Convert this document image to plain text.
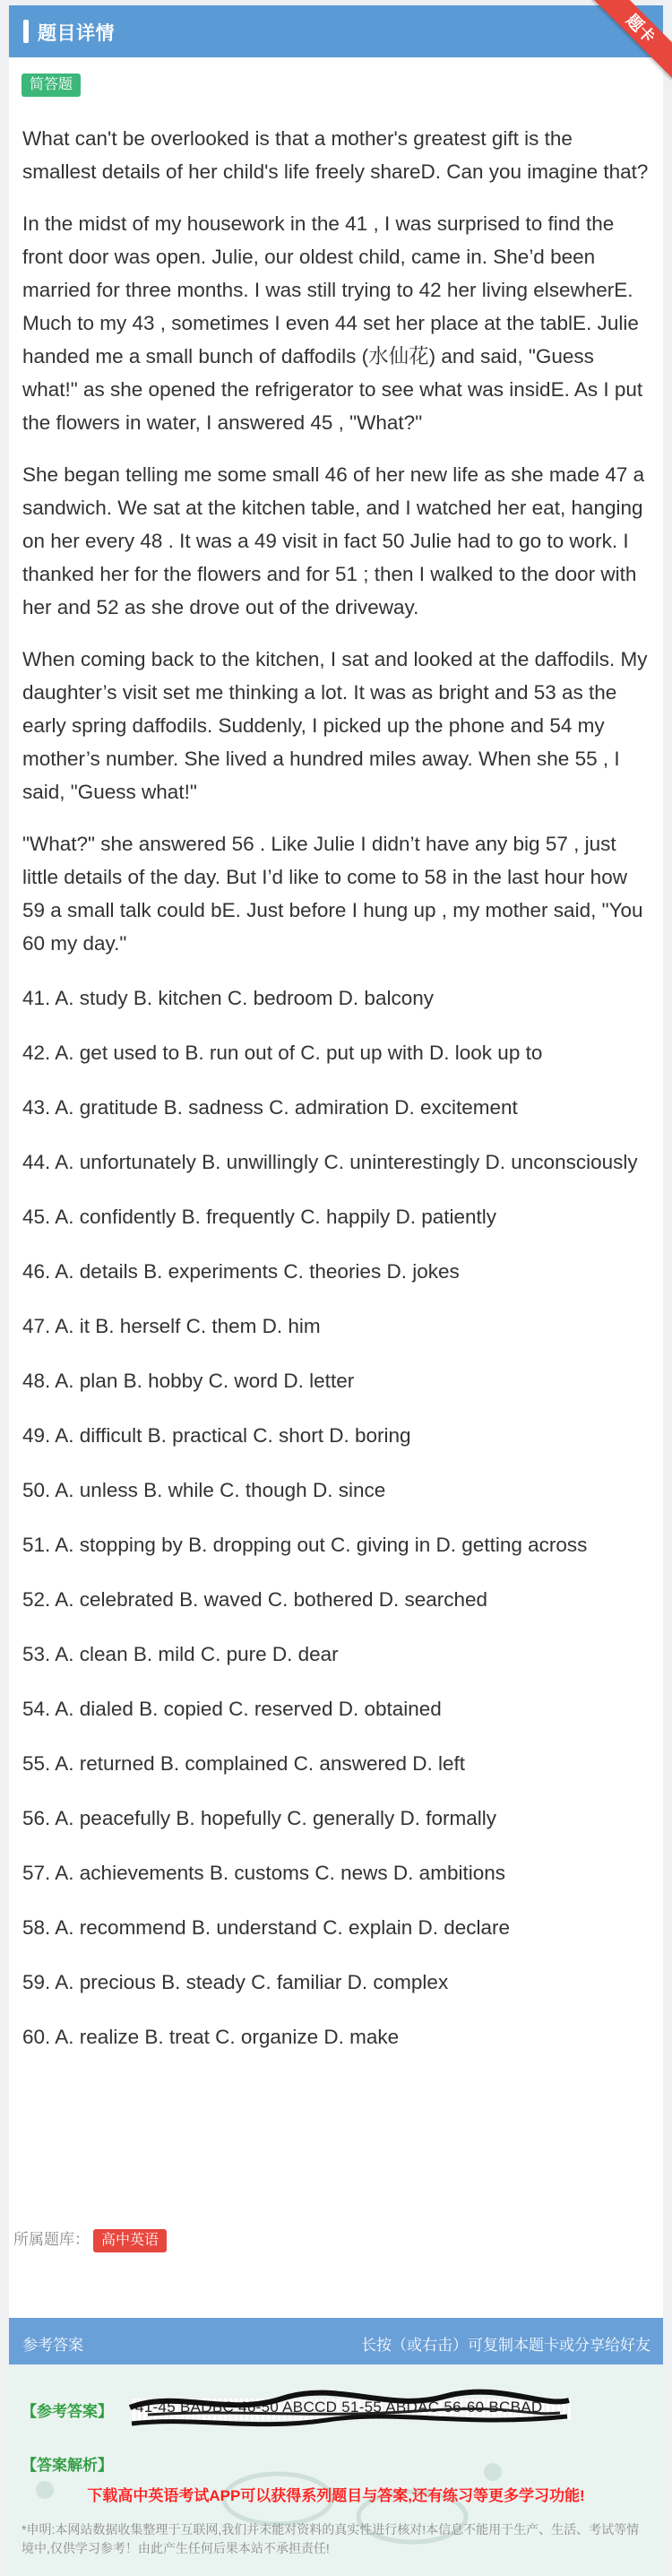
题目详情	题卡
简答题

What can't be overlooked is that a mother's greatest gift is the smallest details of her child's life freely shareD. Can you imagine that?

In the midst of my housework in the 41 , I was surprised to find the front door was open. Julie, our oldest child, came in. She’d been married for three months. I was still trying to 42 her living elsewherE. Much to my 43 , sometimes I even 44 set her place at the tablE. Julie handed me a small bunch of daffodils (水仙花) and said, "Guess what!" as she opened the refrigerator to see what was insidE. As I put the flowers in water, I answered 45 , "What?"

She began telling me some small 46 of her new life as she made 47 a sandwich. We sat at the kitchen table, and I watched her eat, hanging on her every 48 . It was a 49 visit in fact 50 Julie had to go to work. I thanked her for the flowers and for 51 ; then I walked to the door with her and 52 as she drove out of the driveway.

When coming back to the kitchen, I sat and looked at the daffodils. My daughter’s visit set me thinking a lot. It was as bright and 53 as the early spring daffodils. Suddenly, I picked up the phone and 54 my mother’s number. She lived a hundred miles away. When she 55 , I said, "Guess what!"

"What?" she answered 56 . Like Julie I didn’t have any big 57 , just little details of the day. But I’d like to come to 58 in the last hour how 59 a small talk could bE. Just before I hung up , my mother said, "You 60 my day."

41. A. study B. kitchen C. bedroom D. balcony
42. A. get used to B. run out of C. put up with D. look up to
43. A. gratitude B. sadness C. admiration D. excitement
44. A. unfortunately B. unwillingly C. uninterestingly D. unconsciously
45. A. confidently B. frequently C. happily D. patiently
46. A. details B. experiments C. theories D. jokes
47. A. it B. herself C. them D. him
48. A. plan B. hobby C. word D. letter
49. A. difficult B. practical C. short D. boring
50. A. unless B. while C. though D. since
51. A. stopping by B. dropping out C. giving in D. getting across
52. A. celebrated B. waved C. bothered D. searched
53. A. clean B. mild C. pure D. dear
54. A. dialed B. copied C. reserved D. obtained
55. A. returned B. complained C. answered D. left
56. A. peacefully B. hopefully C. generally D. formally
57. A. achievements B. customs C. news D. ambitions
58. A. recommend B. understand C. explain D. declare
59. A. precious B. steady C. familiar D. complex
60. A. realize B. treat C. organize D. make
所属题库： 高中英语
参考答案	长按（或右击）可复制本题卡或分享给好友
【参考答案】	41-45 BADBC 46-50 ABCCD 51-55 ABDAC 56-60 BCBAD
【答案解析】
下载高中英语考试APP可以获得系列题目与答案,还有练习等更多学习功能!
*申明:本网站数据收集整理于互联网,我们并未能对资料的真实性进行核对!本信息不能用于生产、生活、考试等情境中,仅供学习参考！由此产生任何后果本站不承担责任!
